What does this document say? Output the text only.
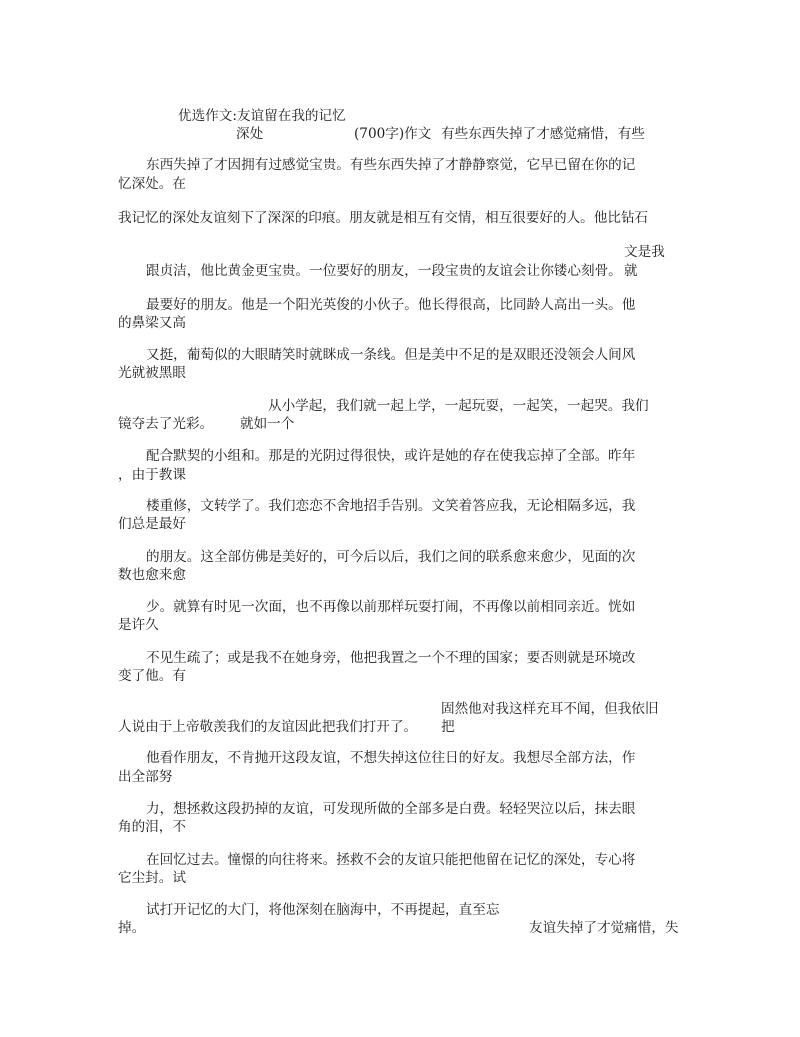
优选作文:友谊留在我的记忆

深处	(700字)作文 有些东西失掉了才感觉痛惜，有些

东西失掉了才因拥有过感觉宝贵。有些东西失掉了才静静察觉，它早已留在你的记

忆深处。在

我记忆的深处友谊刻下了深深的印痕。朋友就是相互有交情，相互很要好的人。他比钻石

文是我

就

跟贞洁，他比黄金更宝贵。一位要好的朋友，一段宝贵的友谊会让你镂心刻骨。

最要好的朋友。他是一个阳光英俊的小伙子。他长得很高，比同龄人高出一头。他

的鼻梁又高

又挺，葡萄似的大眼睛笑时就眯成一条线。但是美中不足的是双眼还没领会人间风

光就被黑眼

从小学起，我们就一起上学，一起玩耍，一起笑，一起哭。我们

镜夺去了光彩。 就如一个

配合默契的小组和。那是的光阴过得很快，或许是她的存在使我忘掉了全部。昨年

，由于教课

楼重修，文转学了。我们恋恋不舍地招手告别。文笑着答应我，无论相隔多远，我

们总是最好

的朋友。这全部仿佛是美好的，可今后以后，我们之间的联系愈来愈少，见面的次

数也愈来愈

少。就算有时见一次面，也不再像以前那样玩耍打闹，不再像以前相同亲近。恍如

是许久

不见生疏了；或是我不在她身旁，他把我置之一个不理的国家；要否则就是环境改

变了他。有

固然他对我这样充耳不闻，但我依旧

人说由于上帝敬羡我们的友谊因此把我们打开了。 把

他看作朋友，不肯抛开这段友谊，不想失掉这位往日的好友。我想尽全部方法，作

出全部努

力，想拯救这段扔掉的友谊，可发现所做的全部多是白费。轻轻哭泣以后，抹去眼

角的泪，不

在回忆过去。憧憬的向往将来。拯救不会的友谊只能把他留在记忆的深处，专心将

它尘封。试

试打开记忆的大门，将他深刻在脑海中，不再提起，直至忘

掉。	友谊失掉了才觉痛惜，失
